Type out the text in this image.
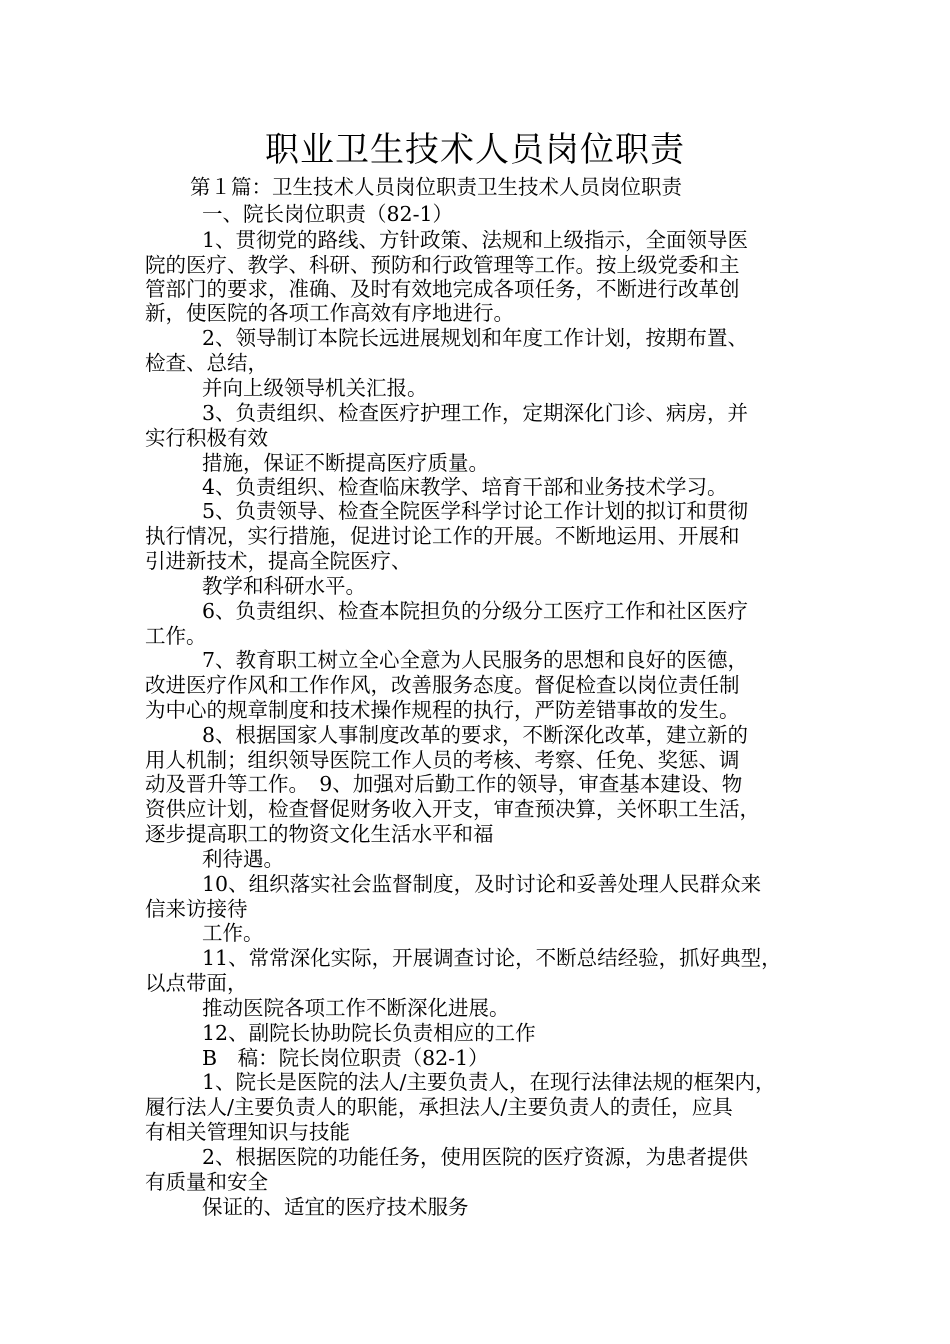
职业卫生技术人员岗位职责
第１篇：卫生技术人员岗位职责卫生技术人员岗位职责
一、院长岗位职责（82-1）
1、贯彻党的路线、方针政策、法规和上级指示，全面领导医
院的医疗、教学、科研、预防和行政管理等工作。按上级党委和主
管部门的要求，准确、及时有效地完成各项任务，不断进行改革创
新，使医院的各项工作高效有序地进行。
2、领导制订本院长远进展规划和年度工作计划，按期布置、
检查、总结，
并向上级领导机关汇报。
3、负责组织、检查医疗护理工作，定期深化门诊、病房，并
实行积极有效
措施，保证不断提高医疗质量。
4、负责组织、检查临床教学、培育干部和业务技术学习。
5、负责领导、检查全院医学科学讨论工作计划的拟订和贯彻
执行情况，实行措施，促进讨论工作的开展。不断地运用、开展和
引进新技术，提高全院医疗、
教学和科研水平。
6、负责组织、检查本院担负的分级分工医疗工作和社区医疗
工作。
7、教育职工树立全心全意为人民服务的思想和良好的医德，
改进医疗作风和工作作风，改善服务态度。督促检查以岗位责任制
为中心的规章制度和技术操作规程的执行，严防差错事故的发生。
8、根据国家人事制度改革的要求，不断深化改革，建立新的
用人机制；组织领导医院工作人员的考核、考察、任免、奖惩、调
动及晋升等工作。　9、加强对后勤工作的领导，审查基本建设、物
资供应计划，检查督促财务收入开支，审查预决算，关怀职工生活，
逐步提高职工的物资文化生活水平和福
利待遇。
10、组织落实社会监督制度，及时讨论和妥善处理人民群众来
信来访接待
工作。
11、常常深化实际，开展调查讨论，不断总结经验，抓好典型，
以点带面，
推动医院各项工作不断深化进展。
12、副院长协助院长负责相应的工作
B　稿：院长岗位职责（82-1）
1、院长是医院的法人/主要负责人，在现行法律法规的框架内，
履行法人/主要负责人的职能，承担法人/主要负责人的责任，应具
有相关管理知识与技能
2、根据医院的功能任务，使用医院的医疗资源，为患者提供
有质量和安全
保证的、适宜的医疗技术服务
